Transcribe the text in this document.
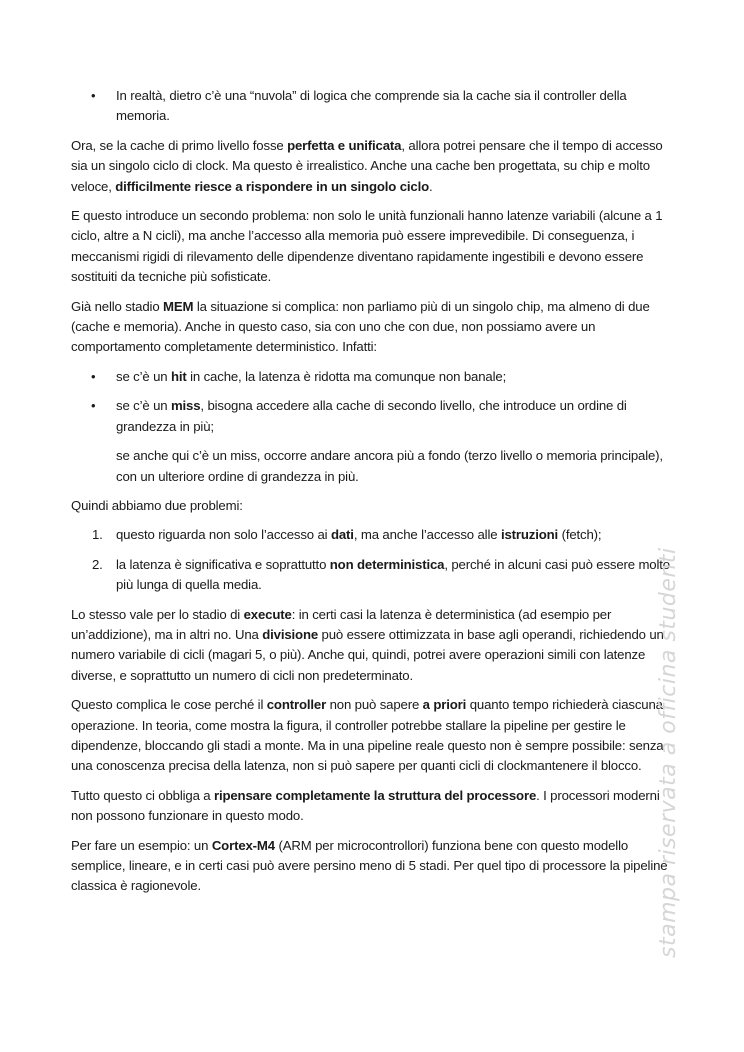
• In realtà, dietro c’è una “nuvola” di logica che comprende sia la cache sia il controller della memoria.

Ora, se la cache di primo livello fosse perfetta e unificata, allora potrei pensare che il tempo di accesso sia un singolo ciclo di clock. Ma questo è irrealistico. Anche una cache ben progettata, su chip e molto veloce, difficilmente riesce a rispondere in un singolo ciclo.

E questo introduce un secondo problema: non solo le unità funzionali hanno latenze variabili (alcune a 1 ciclo, altre a N cicli), ma anche l’accesso alla memoria può essere imprevedibile. Di conseguenza, i meccanismi rigidi di rilevamento delle dipendenze diventano rapidamente ingestibili e devono essere sostituiti da tecniche più sofisticate.

Già nello stadio MEM la situazione si complica: non parliamo più di un singolo chip, ma almeno di due (cache e memoria). Anche in questo caso, sia con uno che con due, non possiamo avere un comportamento completamente deterministico. Infatti:

• se c’è un hit in cache, la latenza è ridotta ma comunque non banale;
• se c’è un miss, bisogna accedere alla cache di secondo livello, che introduce un ordine di grandezza in più;
se anche qui c’è un miss, occorre andare ancora più a fondo (terzo livello o memoria principale), con un ulteriore ordine di grandezza in più.

Quindi abbiamo due problemi:

1. questo riguarda non solo l’accesso ai dati, ma anche l’accesso alle istruzioni (fetch);
2. la latenza è significativa e soprattutto non deterministica, perché in alcuni casi può essere molto più lunga di quella media.

Lo stesso vale per lo stadio di execute: in certi casi la latenza è deterministica (ad esempio per un’addizione), ma in altri no. Una divisione può essere ottimizzata in base agli operandi, richiedendo un numero variabile di cicli (magari 5, o più). Anche qui, quindi, potrei avere operazioni simili con latenze diverse, e soprattutto un numero di cicli non predeterminato.

Questo complica le cose perché il controller non può sapere a priori quanto tempo richiederà ciascuna operazione. In teoria, come mostra la figura, il controller potrebbe stallare la pipeline per gestire le dipendenze, bloccando gli stadi a monte. Ma in una pipeline reale questo non è sempre possibile: senza una conoscenza precisa della latenza, non si può sapere per quanti cicli di clockmantenere il blocco.

Tutto questo ci obbliga a ripensare completamente la struttura del processore. I processori moderni non possono funzionare in questo modo.

Per fare un esempio: un Cortex-M4 (ARM per microcontrollori) funziona bene con questo modello semplice, lineare, e in certi casi può avere persino meno di 5 stadi. Per quel tipo di processore la pipeline classica è ragionevole.	stampa riservata a officina studenti
